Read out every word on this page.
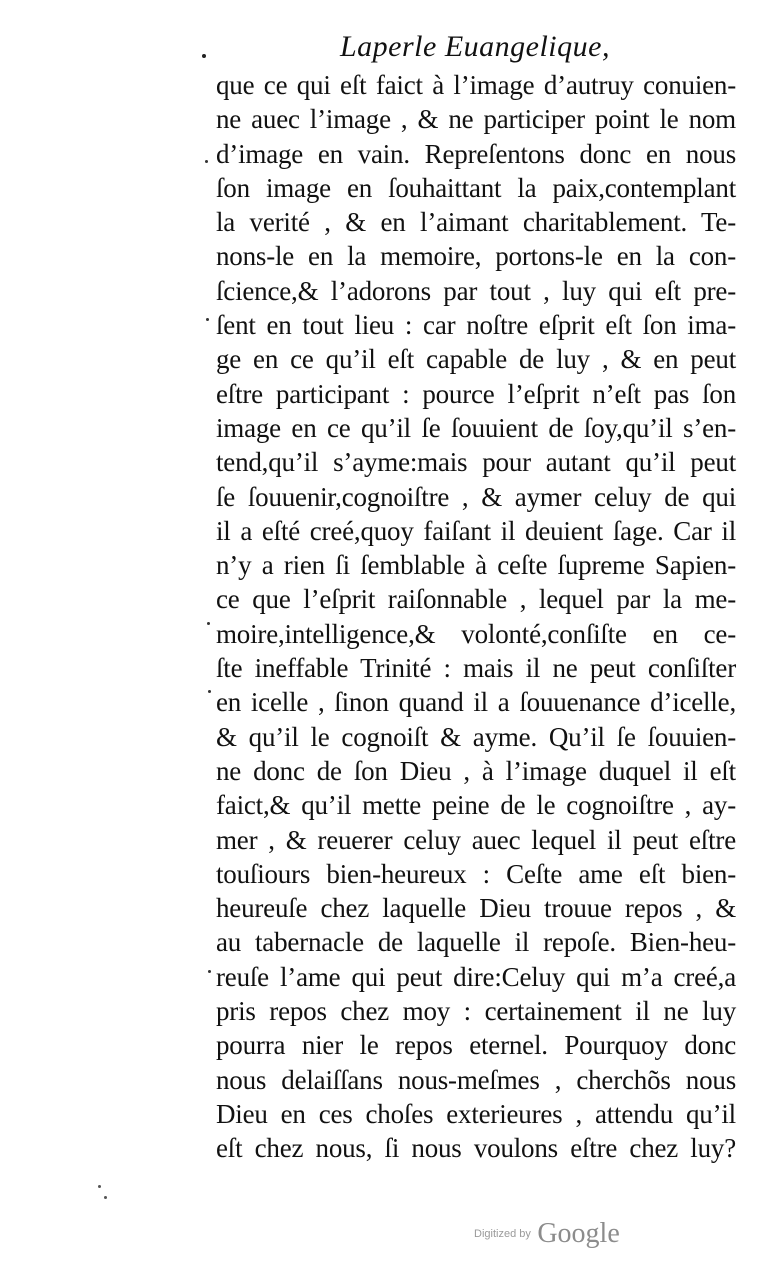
Laperle Euangelique,
que ce qui eſt faict à l’image d’autruy conuien-
ne auec l’image , & ne participer point le nom
d’image en vain. Repreſentons donc en nous
ſon image en ſouhaittant la paix,contemplant
la verité , & en l’aimant charitablement. Te-
nons-le en la memoire, portons-le en la con-
ſcience,& l’adorons par tout , luy qui eſt pre-
ſent en tout lieu : car noſtre eſprit eſt ſon ima-
ge en ce qu’il eſt capable de luy , & en peut
eſtre participant : pource l’eſprit n’eſt pas ſon
image en ce qu’il ſe ſouuient de ſoy,qu’il s’en-
tend,qu’il s’ayme:mais pour autant qu’il peut
ſe ſouuenir,cognoiſtre , & aymer celuy de qui
il a eſté creé,quoy faiſant il deuient ſage. Car il
n’y a rien ſi ſemblable à ceſte ſupreme Sapien-
ce que l’eſprit raiſonnable , lequel par la me-
moire,intelligence,& volonté,conſiſte en ce-
ſte ineffable Trinité : mais il ne peut conſiſter
en icelle , ſinon quand il a ſouuenance d’icelle,
& qu’il le cognoiſt & ayme. Qu’il ſe ſouuien-
ne donc de ſon Dieu , à l’image duquel il eſt
faict,& qu’il mette peine de le cognoiſtre , ay-
mer , & reuerer celuy auec lequel il peut eſtre
touſiours bien-heureux : Ceſte ame eſt bien-
heureuſe chez laquelle Dieu trouue repos , &
au tabernacle de laquelle il repoſe. Bien-heu-
reuſe l’ame qui peut dire:Celuy qui m’a creé,a
pris repos chez moy : certainement il ne luy
pourra nier le repos eternel. Pourquoy donc
nous delaiſſans nous-meſmes , cherchõs nous
Dieu en ces choſes exterieures , attendu qu’il
eſt chez nous, ſi nous voulons eſtre chez luy?
Digitized by Google
